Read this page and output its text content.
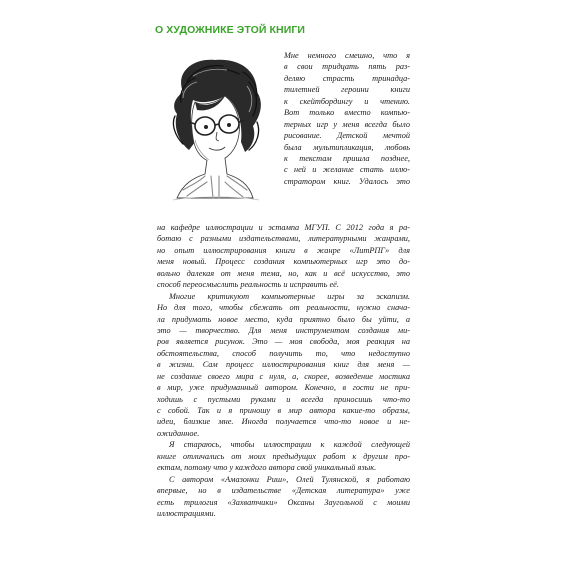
О ХУДОЖНИКЕ ЭТОЙ КНИГИ
Мне немного смешно, что я
в свои тридцать пять раз-
деляю страсть тринадца-
тилетней героини книги
к скейтбордингу и чтению.
Вот только вместо компью-
терных игр у меня всегда было
рисование. Детской мечтой
была мультипликация, любовь
к текстам пришла позднее,
с ней и желание стать иллю-
стратором книг. Удалось это
на кафедре иллюстрации и эстампа МГУП. С 2012 года я ра-
ботаю с разными издательствами, литературными жанрами,
но опыт иллюстрирования книги в жанре «ЛитРПГ» для
меня новый. Процесс создания компьютерных игр это до-
вольно далекая от меня тема, но, как и всё искусство, это
способ переосмыслить реальность и исправить её.
Многие критикуют компьютерные игры за эскапизм.
Но для того, чтобы сбежать от реальности, нужно снача-
ла придумать новое место, куда приятно было бы уйти, а
это — творчество. Для меня инструментом создания ми-
ров является рисунок. Это — моя свобода, моя реакция на
обстоятельства, способ получить то, что недоступно
в жизни. Сам процесс иллюстрирования книг для меня —
не создание своего мира с нуля, а, скорее, возведение мостика
в мир, уже придуманный автором. Конечно, в гости не при-
ходишь с пустыми руками и всегда приносишь что-то
с собой. Так и я приношу в мир автора какие-то образы,
идеи, близкие мне. Иногда получается что-то новое и не-
ожиданное.
Я стараюсь, чтобы иллюстрации к каждой следующей
книге отличались от моих предыдущих работ к другим про-
ектам, потому что у каждого автора свой уникальный язык.
С автором «Амазонки Риш», Олей Тулянской, я работаю
впервые, но в издательстве «Детская литература» уже
есть трилогия «Захватчики» Оксаны Заугольной с моими
иллюстрациями.
